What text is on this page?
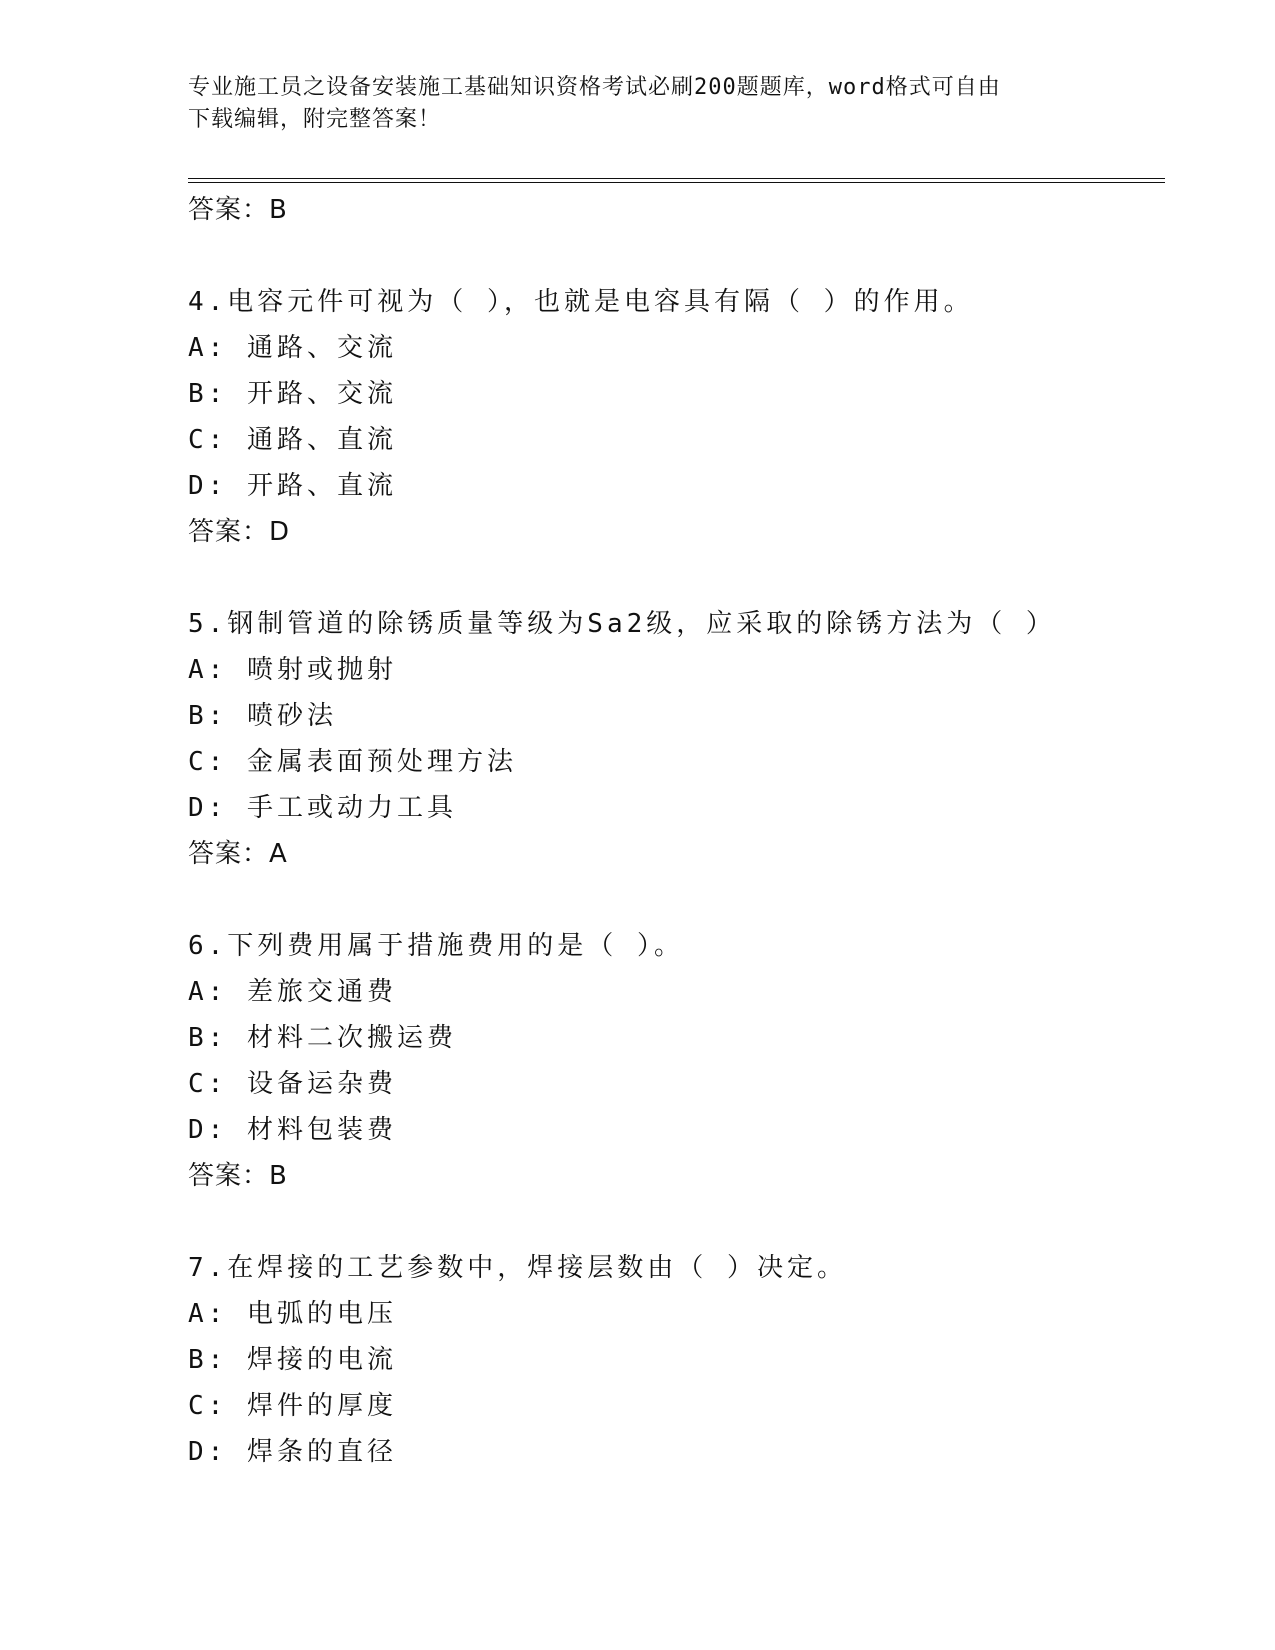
专业施工员之设备安装施工基础知识资格考试必刷200题题库，word格式可自由
下载编辑，附完整答案！
答案：B
4.电容元件可视为（ ），也就是电容具有隔（ ）的作用。
A: 通路、交流
B: 开路、交流
C: 通路、直流
D: 开路、直流
答案：D
5.钢制管道的除锈质量等级为Sa2级，应采取的除锈方法为（ ）
A: 喷射或抛射
B: 喷砂法
C: 金属表面预处理方法
D: 手工或动力工具
答案：A
6.下列费用属于措施费用的是（ ）。
A: 差旅交通费
B: 材料二次搬运费
C: 设备运杂费
D: 材料包装费
答案：B
7.在焊接的工艺参数中，焊接层数由（ ）决定。
A: 电弧的电压
B: 焊接的电流
C: 焊件的厚度
D: 焊条的直径
